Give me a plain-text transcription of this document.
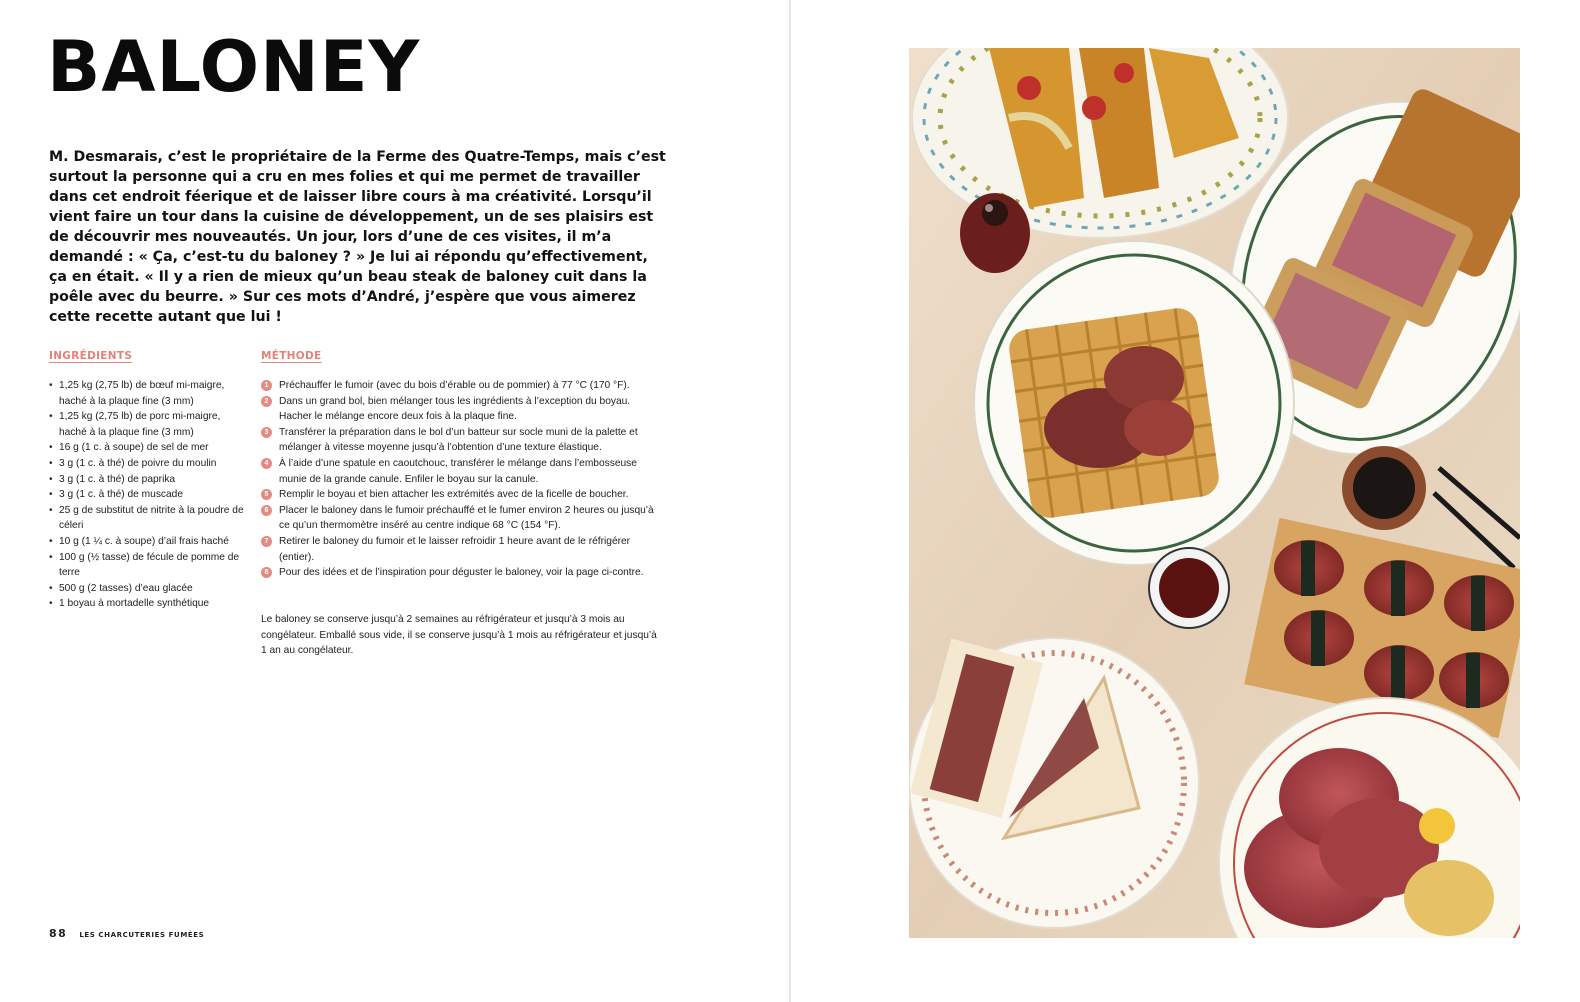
BALONEY

M. Desmarais, c’est le propriétaire de la Ferme des Quatre-Temps, mais c’est surtout la personne qui a cru en mes folies et qui me permet de travailler dans cet endroit féerique et de laisser libre cours à ma créativité. Lorsqu’il vient faire un tour dans la cuisine de développement, un de ses plaisirs est de découvrir mes nouveautés. Un jour, lors d’une de ces visites, il m’a demandé : « Ça, c’est-tu du baloney ? » Je lui ai répondu qu’effectivement, ça en était. « Il y a rien de mieux qu’un beau steak de baloney cuit dans la poêle avec du beurre. » Sur ces mots d’André, j’espère que vous aimerez cette recette autant que lui !

INGRÉDIENTS
• 1,25 kg (2,75 lb) de bœuf mi-maigre, haché à la plaque fine (3 mm)
• 1,25 kg (2,75 lb) de porc mi-maigre, haché à la plaque fine (3 mm)
• 16 g (1 c. à soupe) de sel de mer
• 3 g (1 c. à thé) de poivre du moulin
• 3 g (1 c. à thé) de paprika
• 3 g (1 c. à thé) de muscade
• 25 g de substitut de nitrite à la poudre de céleri
• 10 g (1 ¼ c. à soupe) d’ail frais haché
• 100 g (½ tasse) de fécule de pomme de terre
• 500 g (2 tasses) d’eau glacée
• 1 boyau à mortadelle synthétique
MÉTHODE
1	Préchauffer le fumoir (avec du bois d’érable ou de pommier) à 77 °C (170 °F).
2	Dans un grand bol, bien mélanger tous les ingrédients à l’exception du boyau. Hacher le mélange encore deux fois à la plaque fine.
3	Transférer la préparation dans le bol d’un batteur sur socle muni de la palette et mélanger à vitesse moyenne jusqu’à l’obtention d’une texture élastique.
4	À l’aide d’une spatule en caoutchouc, transférer le mélange dans l’embosseuse munie de la grande canule. Enfiler le boyau sur la canule.
5	Remplir le boyau et bien attacher les extrémités avec de la ficelle de boucher.
6	Placer le baloney dans le fumoir préchauffé et le fumer environ 2 heures ou jusqu’à ce qu’un thermomètre inséré au centre indique 68 °C (154 °F).
7	Retirer le baloney du fumoir et le laisser refroidir 1 heure avant de le réfrigérer (entier).
8	Pour des idées et de l’inspiration pour déguster le baloney, voir la page ci-contre.

Le baloney se conserve jusqu’à 2 semaines au réfrigérateur et jusqu’à 3 mois au congélateur. Emballé sous vide, il se conserve jusqu’à 1 mois au réfrigérateur et jusqu’à 1 an au congélateur.

88 LES CHARCUTERIES FUMÉES
